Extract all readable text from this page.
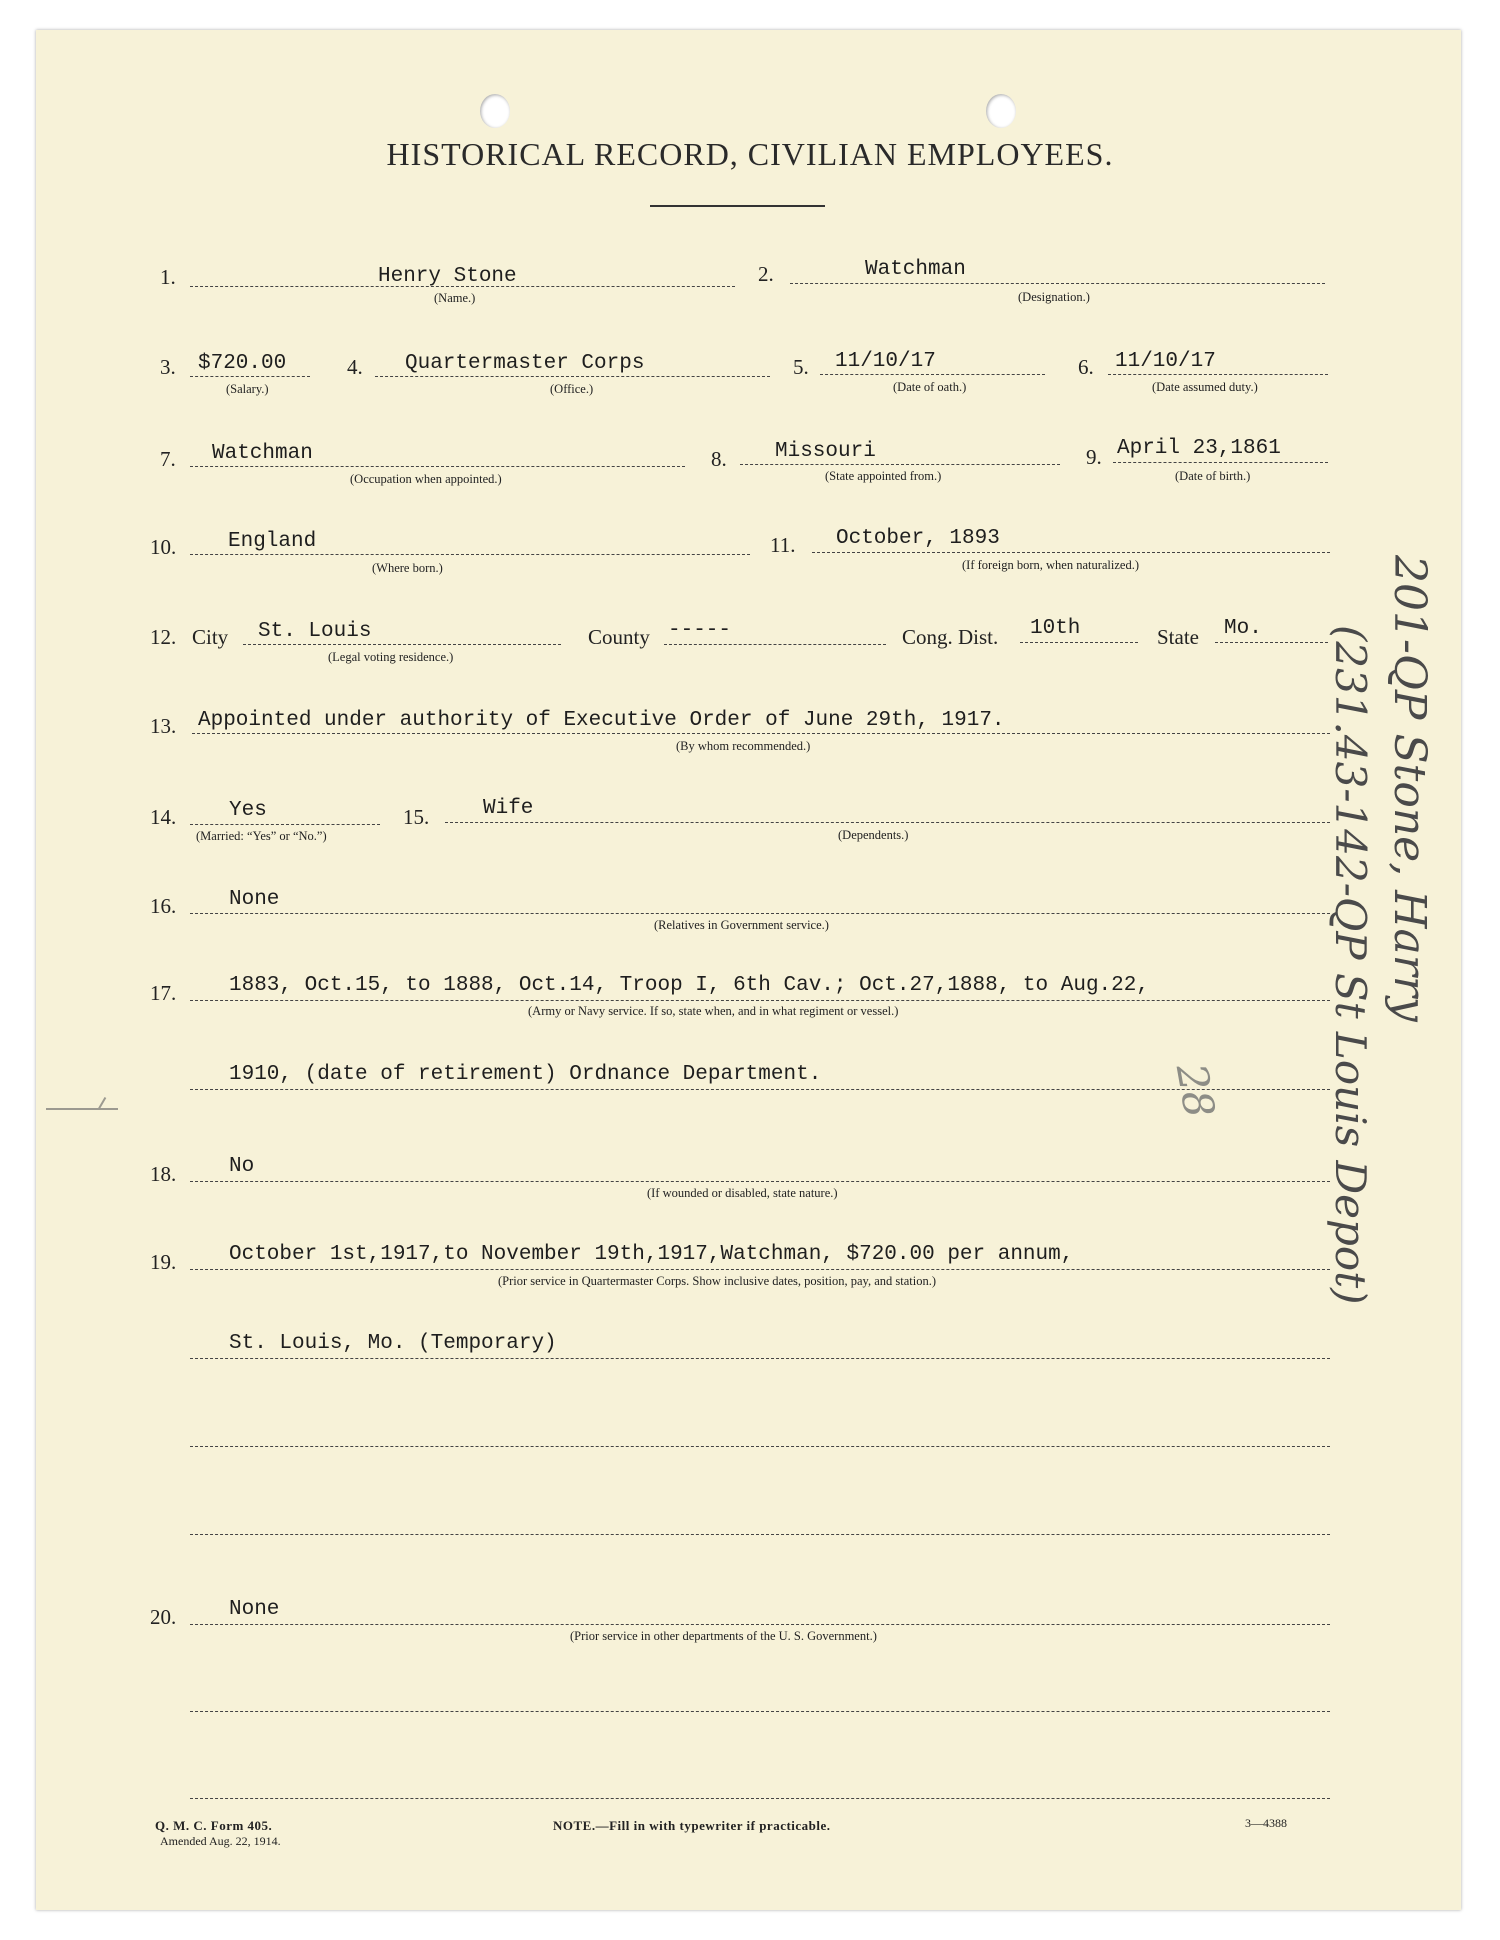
HISTORICAL RECORD, CIVILIAN EMPLOYEES.
1.	Henry Stone
(Name.)
2.	Watchman
(Designation.)
3. $720.00
(Salary.)
4. Quartermaster Corps
(Office.)
5. 11/10/17
(Date of oath.)
6. 11/10/17
(Date assumed duty.)
7. Watchman
(Occupation when appointed.)
8. Missouri
(State appointed from.)
9. April 23,1861
(Date of birth.)
10. England
(Where born.)
11. October, 1893
(If foreign born, when naturalized.)
12. City St. Louis
(Legal voting residence.)
County -----	Cong. Dist. 10th	State Mo.
13. Appointed under authority of Executive Order of June 29th, 1917.
(By whom recommended.)
14.	Yes
(Married: “Yes” or “No.”)
15.	Wife
(Dependents.)
16.	None
(Relatives in Government service.)
17.	1883, Oct.15, to 1888, Oct.14, Troop I, 6th Cav.; Oct.27,1888, to Aug.22,
(Army or Navy service. If so, state when, and in what regiment or vessel.)
1910, (date of retirement) Ordnance Department.
18.	No
(If wounded or disabled, state nature.)
19.	October 1st,1917,to November 19th,1917,Watchman, $720.00 per annum,
(Prior service in Quartermaster Corps. Show inclusive dates, position, pay, and station.)
St. Louis, Mo. (Temporary)
20.	None
(Prior service in other departments of the U. S. Government.)
Q. M. C. Form 405.
Amended Aug. 22, 1914.
NOTE.—Fill in with typewriter if practicable.	3—4388
201-QP Stone, Harry
(231.43-142-QP St Louis Depot)
28
